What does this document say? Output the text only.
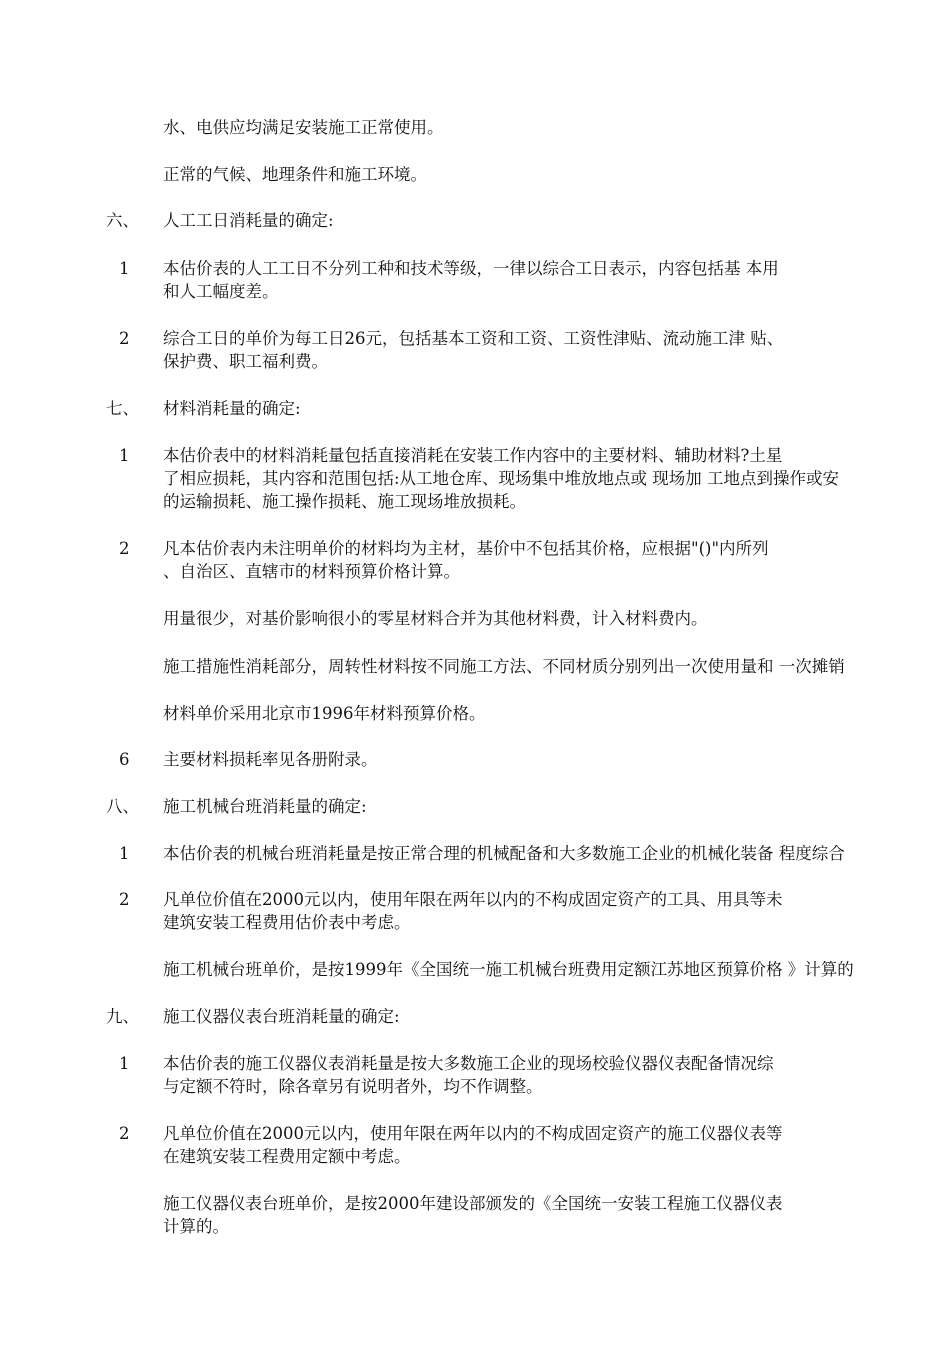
水、电供应均满足安装施工正常使用。
正常的气候、地理条件和施工环境。
六、 人工工日消耗量的确定:
1 本估价表的人工工日不分列工种和技术等级，一律以综合工日表示，内容包括基 本用
和人工幅度差。
2 综合工日的单价为每工日26元，包括基本工资和工资、工资性津贴、流动施工津 贴、
保护费、职工福利费。
七、 材料消耗量的确定:
1 本估价表中的材料消耗量包括直接消耗在安装工作内容中的主要材料、辅助材料?土星
了相应损耗，其内容和范围包括:从工地仓库、现场集中堆放地点或 现场加 工地点到操作或安
的运输损耗、施工操作损耗、施工现场堆放损耗。
2 凡本估价表内未注明单价的材料均为主材，基价中不包括其价格，应根据"()"内所列
、自治区、直辖市的材料预算价格计算。
用量很少，对基价影响很小的零星材料合并为其他材料费，计入材料费内。
施工措施性消耗部分，周转性材料按不同施工方法、不同材质分别列出一次使用量和 一次摊销
材料单价采用北京市1996年材料预算价格。
6 主要材料损耗率见各册附录。
八、 施工机械台班消耗量的确定:
1 本估价表的机械台班消耗量是按正常合理的机械配备和大多数施工企业的机械化装备 程度综合
2 凡单位价值在2000元以内，使用年限在两年以内的不构成固定资产的工具、用具等未
建筑安装工程费用估价表中考虑。
施工机械台班单价，是按1999年《全国统一施工机械台班费用定额江苏地区预算价格 》计算的
九、 施工仪器仪表台班消耗量的确定:
1 本估价表的施工仪器仪表消耗量是按大多数施工企业的现场校验仪器仪表配备情况综
与定额不符时，除各章另有说明者外，均不作调整。
2 凡单位价值在2000元以内，使用年限在两年以内的不构成固定资产的施工仪器仪表等
在建筑安装工程费用定额中考虑。
施工仪器仪表台班单价，是按2000年建设部颁发的《全国统一安装工程施工仪器仪表
计算的。
